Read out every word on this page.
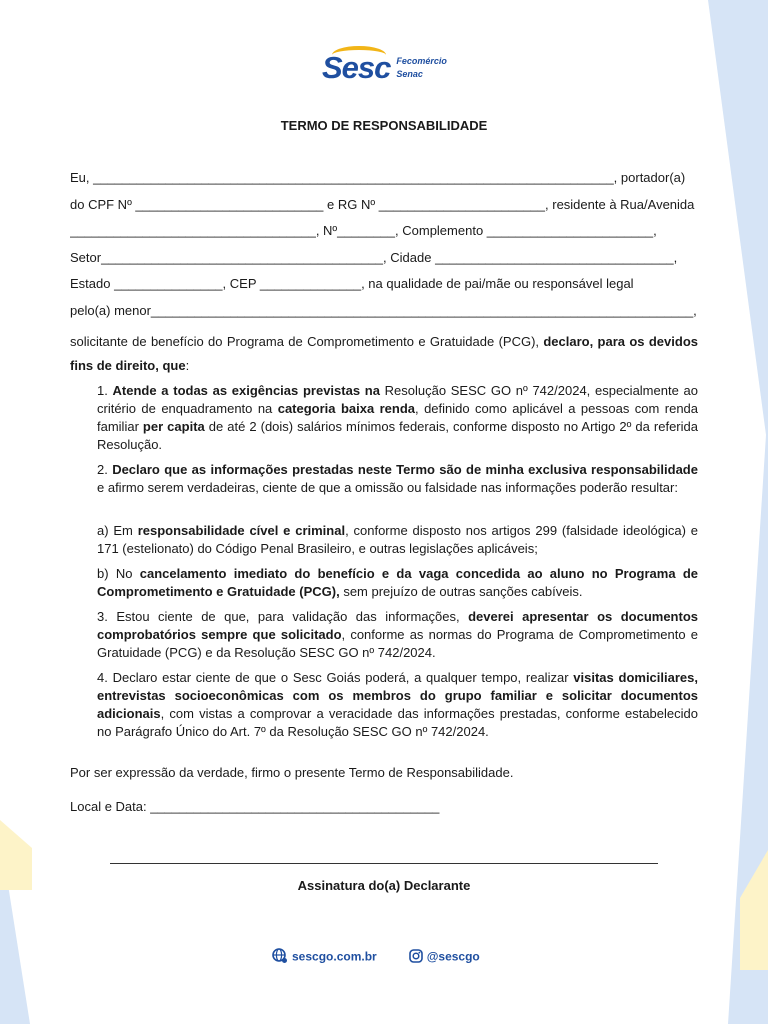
Sesc Fecomércio
Senac
TERMO DE RESPONSABILIDADE
Eu, ________________________________________________________________________, portador(a)
do CPF Nº __________________________ e RG Nº _______________________, residente à Rua/Avenida
__________________________________, Nº________, Complemento _______________________,
Setor_______________________________________, Cidade _________________________________,
Estado _______________, CEP ______________, na qualidade de pai/mãe ou responsável legal
pelo(a) menor___________________________________________________________________________,
solicitante de benefício do Programa de Comprometimento e Gratuidade (PCG), declaro, para os devidos fins de direito, que:
1. Atende a todas as exigências previstas na Resolução SESC GO nº 742/2024, especialmente ao critério de enquadramento na categoria baixa renda, definido como aplicável a pessoas com renda familiar per capita de até 2 (dois) salários mínimos federais, conforme disposto no Artigo 2º da referida Resolução.
2. Declaro que as informações prestadas neste Termo são de minha exclusiva responsabilidade e afirmo serem verdadeiras, ciente de que a omissão ou falsidade nas informações poderão resultar:
a) Em responsabilidade cível e criminal, conforme disposto nos artigos 299 (falsidade ideológica) e 171 (estelionato) do Código Penal Brasileiro, e outras legislações aplicáveis;
b) No cancelamento imediato do benefício e da vaga concedida ao aluno no Programa de Comprometimento e Gratuidade (PCG), sem prejuízo de outras sanções cabíveis.
3. Estou ciente de que, para validação das informações, deverei apresentar os documentos comprobatórios sempre que solicitado, conforme as normas do Programa de Comprometimento e Gratuidade (PCG) e da Resolução SESC GO nº 742/2024.
4. Declaro estar ciente de que o Sesc Goiás poderá, a qualquer tempo, realizar visitas domiciliares, entrevistas socioeconômicas com os membros do grupo familiar e solicitar documentos adicionais, com vistas a comprovar a veracidade das informações prestadas, conforme estabelecido no Parágrafo Único do Art. 7º da Resolução SESC GO nº 742/2024.
Por ser expressão da verdade, firmo o presente Termo de Responsabilidade.
Local e Data: ________________________________________
Assinatura do(a) Declarante
sescgo.com.br	@sescgo
